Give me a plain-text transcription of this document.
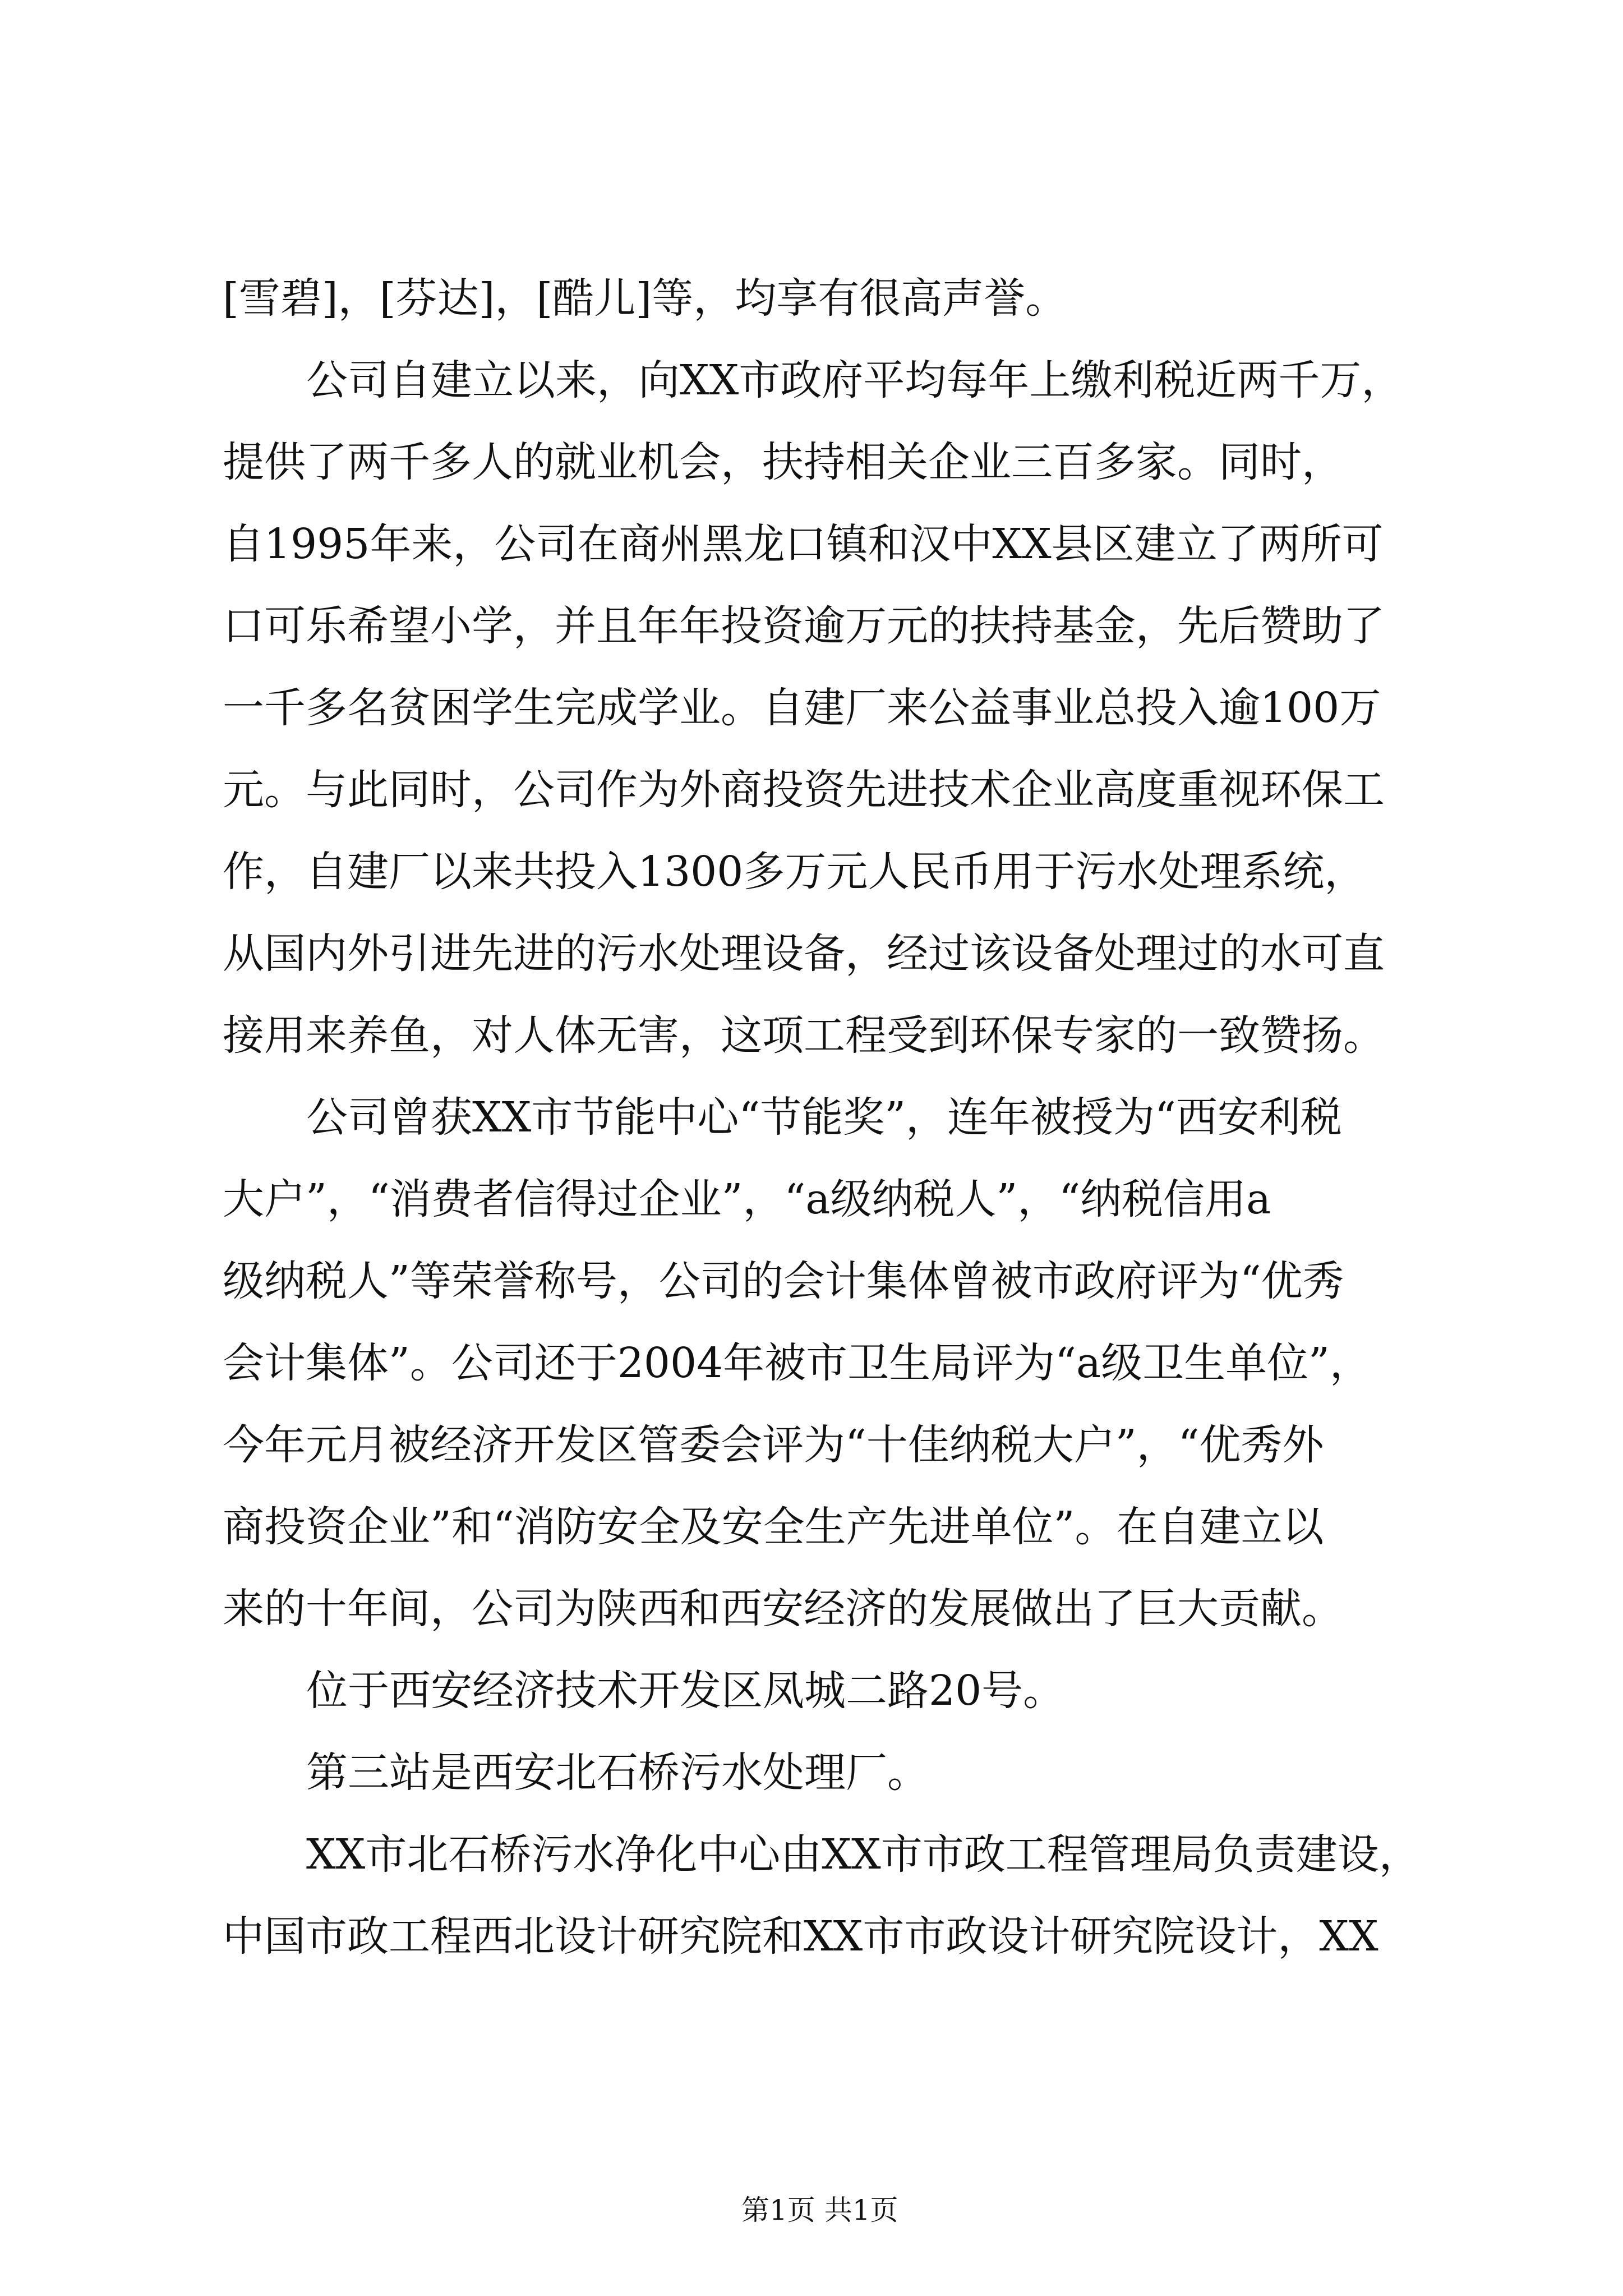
[雪碧]，[芬达]，[酷儿]等，均享有很高声誉。
公司自建立以来，向XX市政府平均每年上缴利税近两千万，
提供了两千多人的就业机会，扶持相关企业三百多家。同时，
自1995年来，公司在商州黑龙口镇和汉中XX县区建立了两所可
口可乐希望小学，并且年年投资逾万元的扶持基金，先后赞助了
一千多名贫困学生完成学业。自建厂来公益事业总投入逾100万
元。与此同时，公司作为外商投资先进技术企业高度重视环保工
作，自建厂以来共投入1300多万元人民币用于污水处理系统，
从国内外引进先进的污水处理设备，经过该设备处理过的水可直
接用来养鱼，对人体无害，这项工程受到环保专家的一致赞扬。
公司曾获XX市节能中心“节能奖”，连年被授为“西安利税
大户”，“消费者信得过企业”，“a级纳税人”，“纳税信用a
级纳税人”等荣誉称号，公司的会计集体曾被市政府评为“优秀
会计集体”。公司还于2004年被市卫生局评为“a级卫生单位”，
今年元月被经济开发区管委会评为“十佳纳税大户”，“优秀外
商投资企业”和“消防安全及安全生产先进单位”。在自建立以
来的十年间，公司为陕西和西安经济的发展做出了巨大贡献。
位于西安经济技术开发区凤城二路20号。
第三站是西安北石桥污水处理厂。
XX市北石桥污水净化中心由XX市市政工程管理局负责建设，
中国市政工程西北设计研究院和XX市市政设计研究院设计，XX
第1页 共1页
